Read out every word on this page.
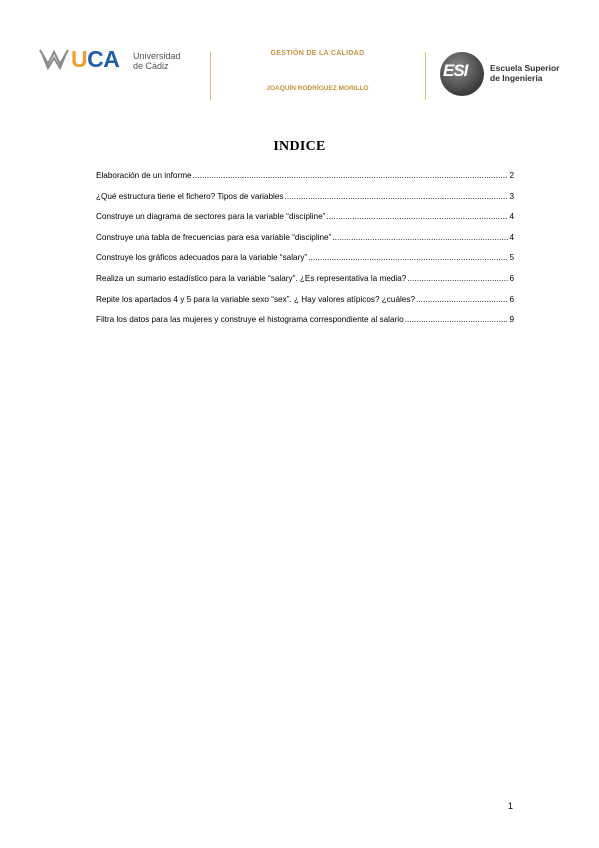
UCA Universidad
de Cádiz
GESTIÓN DE LA CALIDAD
JOAQUÍN RODRÍGUEZ MORILLO
ESI	Escuela Superior
de Ingeniería
INDICE
Elaboración de un informe . . .	2
¿Qué estructura tiene el fichero? Tipos de variables . . .	3
Construye un diagrama de sectores para la variable “discipline” . . .	4
Construye una tabla de frecuencias para esa variable “discipline” . . .	4
Construye los gráficos adecuados para la variable “salary” . . .	5
Realiza un sumario estadístico para la variable “salary”. ¿Es representativa la media? . . .	6
Repite los apartados 4 y 5 para la variable sexo “sex”. ¿ Hay valores atípicos? ¿cuáles? . . .	6
Filtra los datos para las mujeres y construye el histograma correspondiente al salario . . .	9
1
